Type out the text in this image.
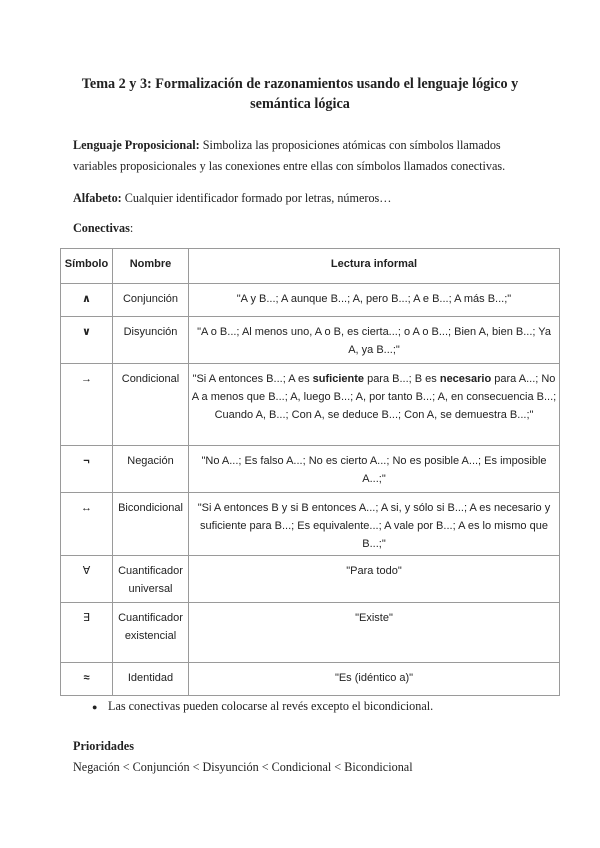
Tema 2 y 3: Formalización de razonamientos usando el lenguaje lógico y
semántica lógica
Lenguaje Proposicional: Simboliza las proposiciones atómicas con símbolos llamados
variables proposicionales y las conexiones entre ellas con símbolos llamados conectivas.
Alfabeto: Cualquier identificador formado por letras, números…
Conectivas:
Símbolo	Nombre	Lectura informal
∧	Conjunción	"A y B...; A aunque B...; A, pero B...; A e B...; A más B...;"
∨	Disyunción	"A o B...; Al menos uno, A o B, es cierta...; o A o B...; Bien A, bien B...; Ya A, ya B...;"
→	Condicional	"Si A entonces B...; A es suficiente para B...; B es necesario para A...; No A a menos que B...; A, luego B...; A, por tanto B...; A, en consecuencia B...; Cuando A, B...; Con A, se deduce B...; Con A, se demuestra B...;"
¬	Negación	"No A...; Es falso A...; No es cierto A...; No es posible A...; Es imposible A...;"
↔	Bicondicional	"Si A entonces B y si B entonces A...; A si, y sólo si B...; A es necesario y suficiente para B...; Es equivalente...; A vale por B...; A es lo mismo que B...;"
∀	Cuantificador universal	"Para todo"
∃	Cuantificador existencial	"Existe"
≈	Identidad	"Es (idéntico a)"
● Las conectivas pueden colocarse al revés excepto el bicondicional.
Prioridades
Negación < Conjunción < Disyunción < Condicional < Bicondicional
